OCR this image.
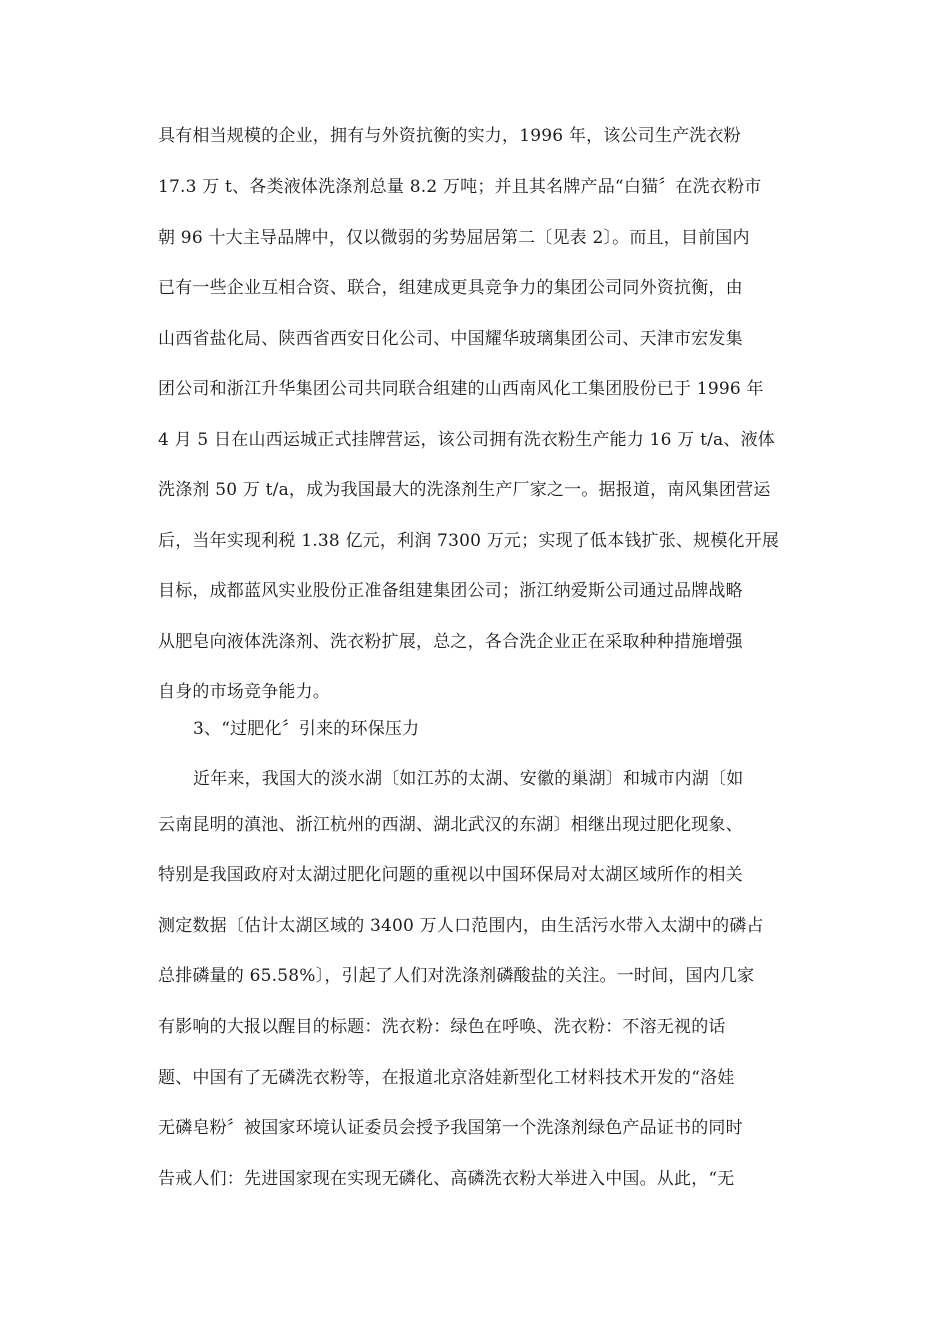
具有相当规模的企业，拥有与外资抗衡的实力，1996 年，该公司生产洗衣粉
17.3 万 t、各类液体洗涤剂总量 8.2 万吨；并且其名牌产品“白猫〞在洗衣粉市
朝 96 十大主导品牌中，仅以微弱的劣势屈居第二〔见表 2〕。而且，目前国内
已有一些企业互相合资、联合，组建成更具竞争力的集团公司同外资抗衡，由
山西省盐化局、陕西省西安日化公司、中国耀华玻璃集团公司、天津市宏发集
团公司和浙江升华集团公司共同联合组建的山西南风化工集团股份已于 1996 年
4 月 5 日在山西运城正式挂牌营运，该公司拥有洗衣粉生产能力 16 万 t/a、液体
洗涤剂 50 万 t/a，成为我国最大的洗涤剂生产厂家之一。据报道，南风集团营运
后，当年实现利税 1.38 亿元，利润 7300 万元；实现了低本钱扩张、规模化开展
目标，成都蓝风实业股份正准备组建集团公司；浙江纳爱斯公司通过品牌战略
从肥皂向液体洗涤剂、洗衣粉扩展，总之，各合洗企业正在采取种种措施增强
自身的市场竞争能力。
3、“过肥化〞引来的环保压力
近年来，我国大的淡水湖〔如江苏的太湖、安徽的巢湖〕和城市内湖〔如
云南昆明的滇池、浙江杭州的西湖、湖北武汉的东湖〕相继出现过肥化现象、
特别是我国政府对太湖过肥化问题的重视以中国环保局对太湖区域所作的相关
测定数据〔估计太湖区域的 3400 万人口范围内，由生活污水带入太湖中的磷占
总排磷量的 65.58%〕，引起了人们对洗涤剂磷酸盐的关注。一时间，国内几家
有影响的大报以醒目的标题：洗衣粉：绿色在呼唤、洗衣粉：不溶无视的话
题、中国有了无磷洗衣粉等，在报道北京洛娃新型化工材料技术开发的“洛娃
无磷皂粉〞被国家环境认证委员会授予我国第一个洗涤剂绿色产品证书的同时
告戒人们：先进国家现在实现无磷化、高磷洗衣粉大举进入中国。从此，“无
